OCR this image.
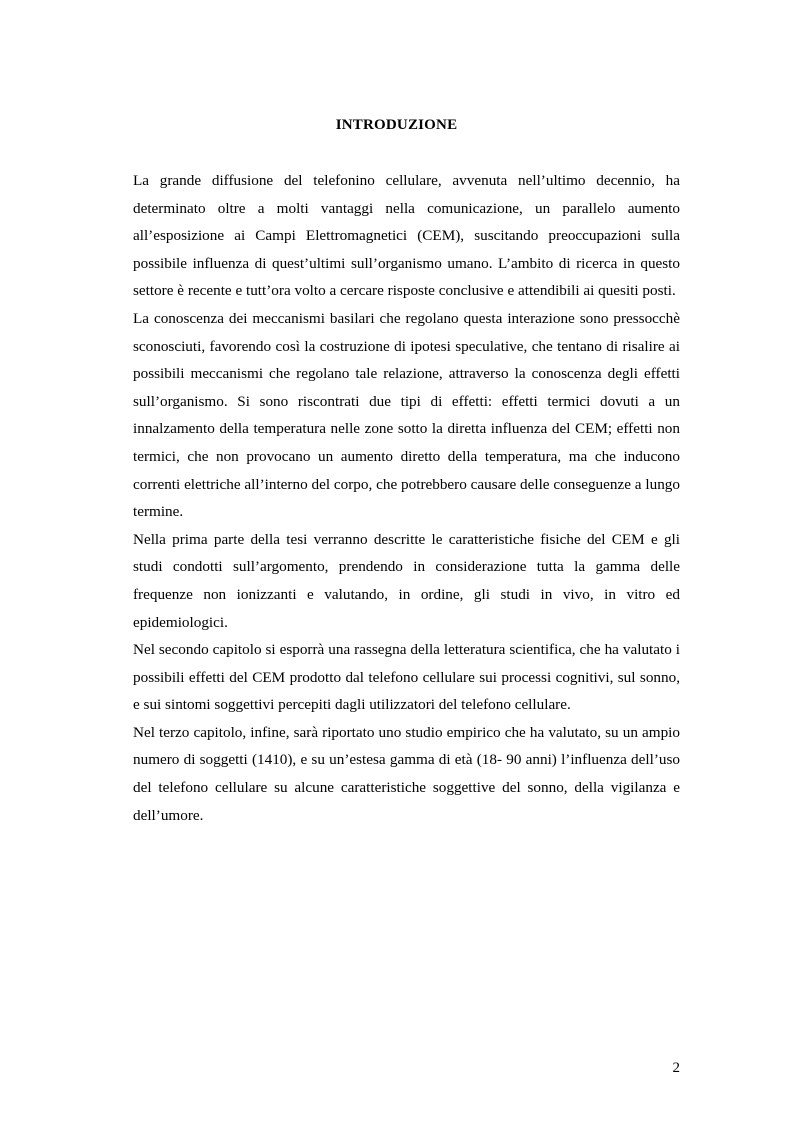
INTRODUZIONE

La grande diffusione del telefonino cellulare, avvenuta nell’ultimo decennio, ha determinato oltre a molti vantaggi nella comunicazione, un parallelo aumento all’esposizione ai Campi Elettromagnetici (CEM), suscitando preoccupazioni sulla possibile influenza di quest’ultimi sull’organismo umano. L’ambito di ricerca in questo settore è recente e tutt’ora volto a cercare risposte conclusive e attendibili ai quesiti posti.

La conoscenza dei meccanismi basilari che regolano questa interazione sono pressocchè sconosciuti, favorendo così la costruzione di ipotesi speculative, che tentano di risalire ai possibili meccanismi che regolano tale relazione, attraverso la conoscenza degli effetti sull’organismo. Si sono riscontrati due tipi di effetti: effetti termici dovuti a un innalzamento della temperatura nelle zone sotto la diretta influenza del CEM; effetti non termici, che non provocano un aumento diretto della temperatura, ma che inducono correnti elettriche all’interno del corpo, che potrebbero causare delle conseguenze a lungo termine.

Nella prima parte della tesi verranno descritte le caratteristiche fisiche del CEM e gli studi condotti sull’argomento, prendendo in considerazione tutta la gamma delle frequenze non ionizzanti e valutando, in ordine, gli studi in vivo, in vitro ed epidemiologici.

Nel secondo capitolo si esporrà una rassegna della letteratura scientifica, che ha valutato i possibili effetti del CEM prodotto dal telefono cellulare sui processi cognitivi, sul sonno, e sui sintomi soggettivi percepiti dagli utilizzatori del telefono cellulare.

Nel terzo capitolo, infine, sarà riportato uno studio empirico che ha valutato, su un ampio numero di soggetti (1410), e su un’estesa gamma di età (18- 90 anni) l’influenza dell’uso del telefono cellulare su alcune caratteristiche soggettive del sonno, della vigilanza e dell’umore.

2
